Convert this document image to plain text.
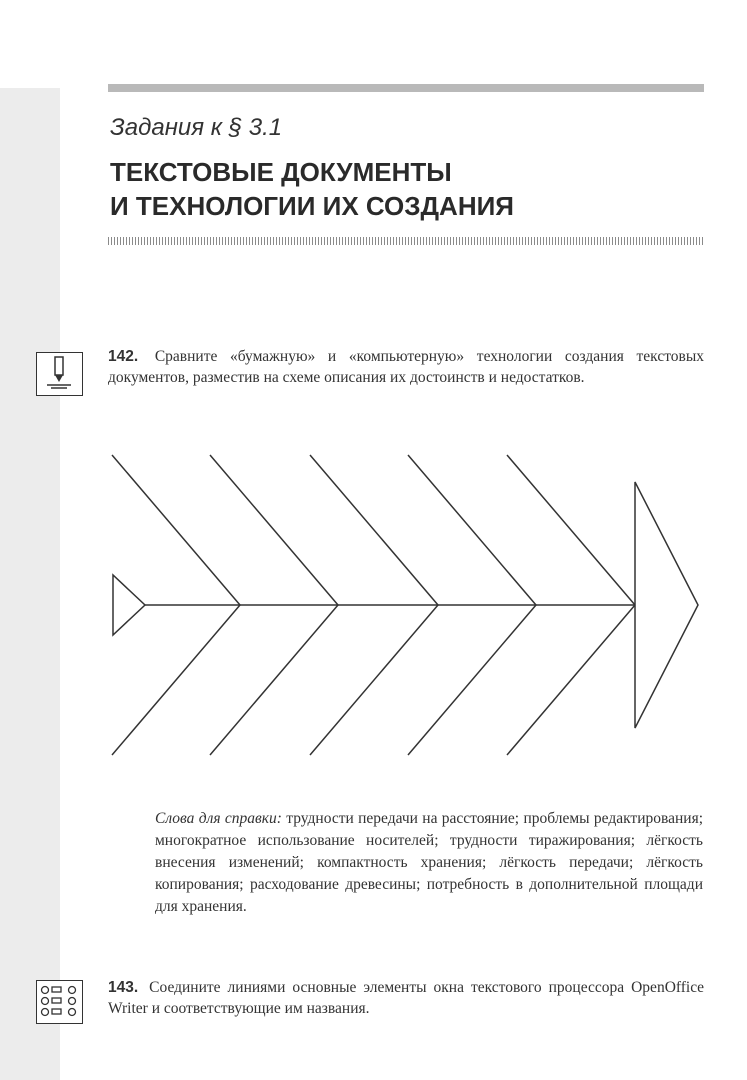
Задания к § 3.1
ТЕКСТОВЫЕ ДОКУМЕНТЫ
И ТЕХНОЛОГИИ ИХ СОЗДАНИЯ
142. Сравните «бумажную» и «компьютерную» технологии создания текстовых документов, разместив на схеме описания их достоинств и недостатков.
Слова для справки: трудности передачи на расстояние; проблемы редактирования; многократное использование носителей; трудности тиражирования; лёгкость внесения изменений; компактность хранения; лёгкость передачи; лёгкость копирования; расходование древесины; потребность в дополнительной площади для хранения.
143. Соедините линиями основные элементы окна текстового процессора OpenOffice Writer и соответствующие им названия.
